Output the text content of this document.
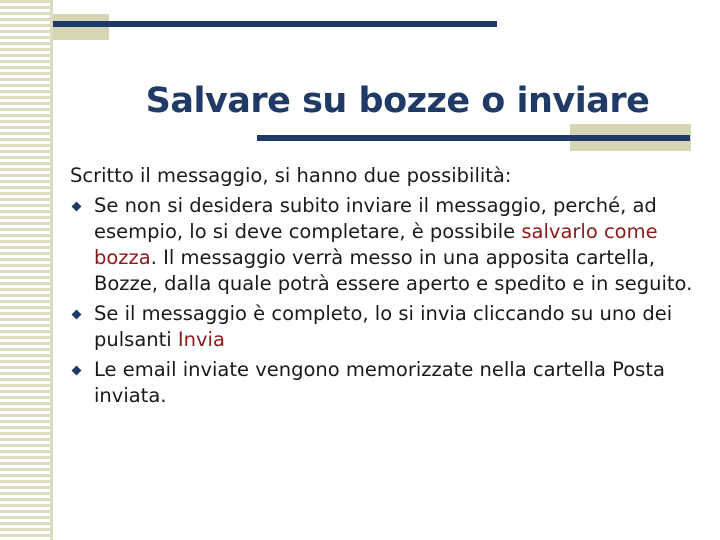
Salvare su bozze o inviare

Scritto il messaggio, si hanno due possibilità:

Se non si desidera subito inviare il messaggio, perché, ad esempio, lo si deve completare, è possibile salvarlo come bozza. Il messaggio verrà messo in una apposita cartella, Bozze, dalla quale potrà essere aperto e spedito e in seguito.

Se il messaggio è completo, lo si invia cliccando su uno dei pulsanti Invia

Le email inviate vengono memorizzate nella cartella Posta inviata.
